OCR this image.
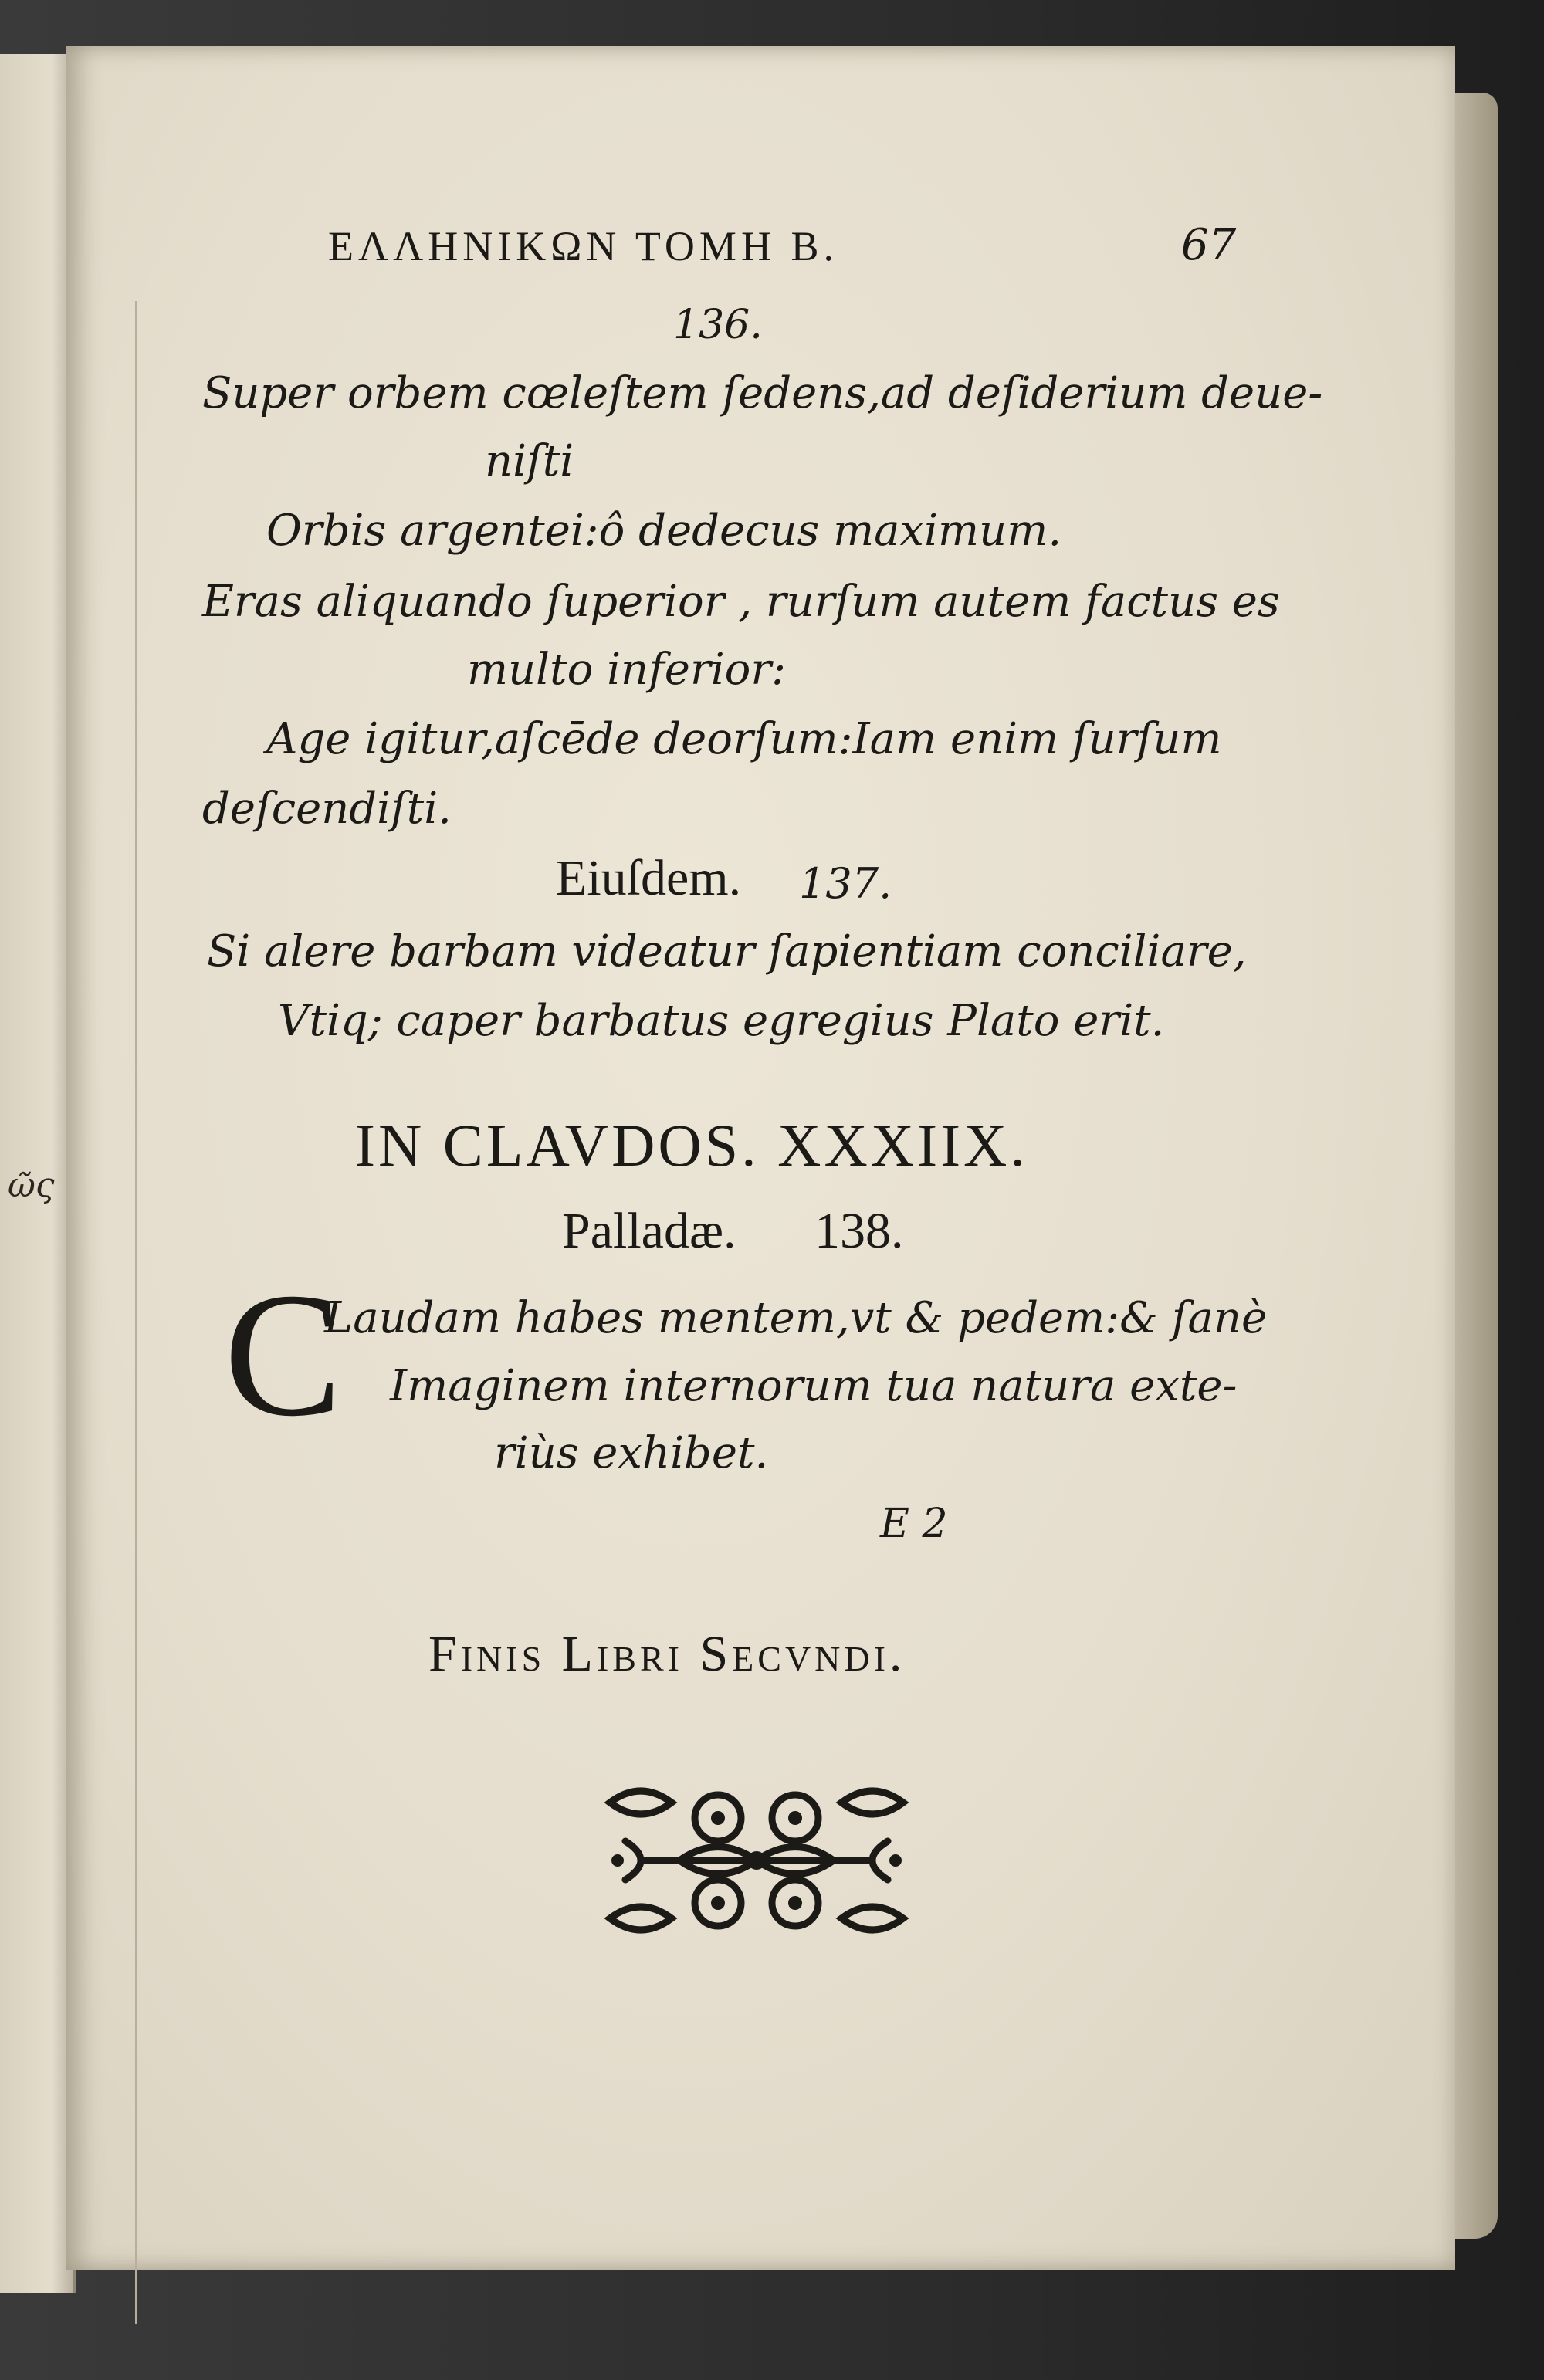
ῶς
ΕΛΛΗΝΙΚΩΝ ΤΟΜΗ Β.	67
136.
Super orbem cœleſtem ſedens,ad deſiderium deue-
niſti
Orbis argentei:ô dedecus maximum.
Eras aliquando ſuperior , rurſum autem factus es
multo inferior:
Age igitur,aſcēde deorſum:Iam enim ſurſum
deſcendiſti.
Eiuſdem. 137.
Si alere barbam videatur ſapientiam conciliare,
Vtiq; caper barbatus egregius Plato erit.
IN CLAVDOS. XXXIIX.
Palladæ. 138.
C
Laudam habes mentem,vt & pedem:& ſanè
Imaginem internorum tua natura exte-
riùs exhibet.
E 2
Finis Libri Secvndi.
